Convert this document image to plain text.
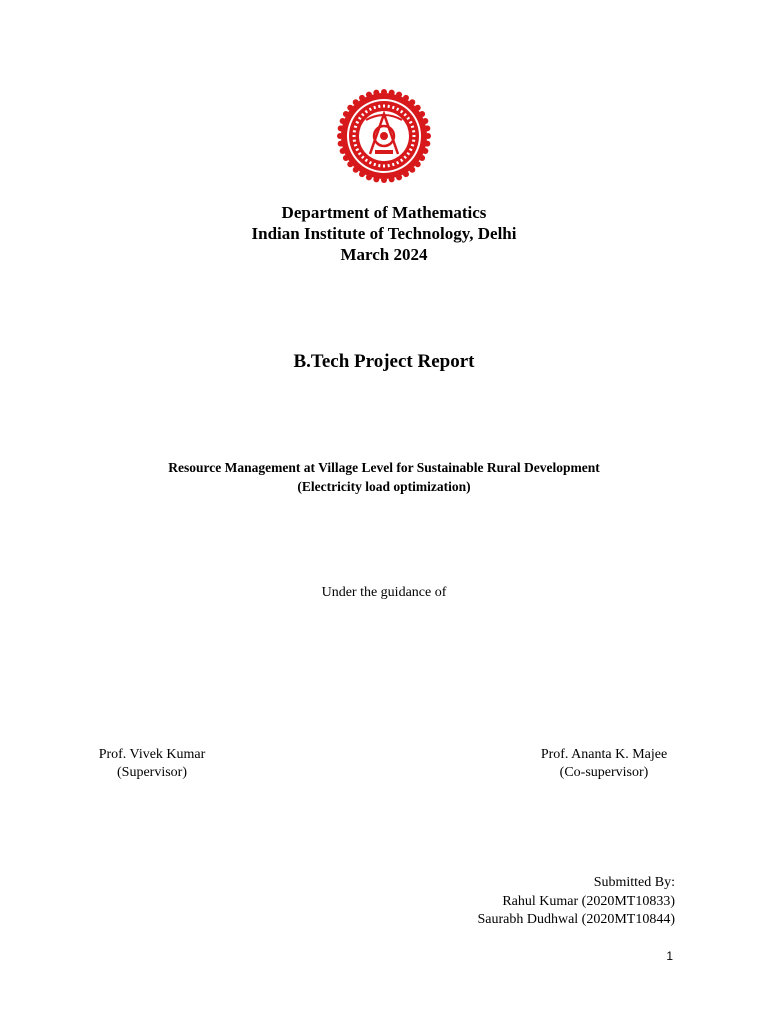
Department of Mathematics
Indian Institute of Technology, Delhi
March 2024
B.Tech Project Report
Resource Management at Village Level for Sustainable Rural Development
(Electricity load optimization)
Under the guidance of
Prof. Vivek Kumar
(Supervisor)
Prof. Ananta K. Majee
(Co-supervisor)
Submitted By:
Rahul Kumar (2020MT10833)
Saurabh Dudhwal (2020MT10844)
1
